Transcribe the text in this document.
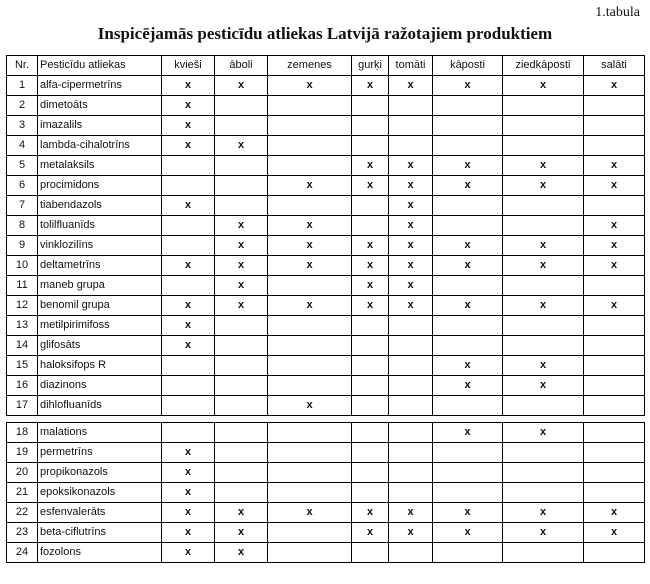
1.tabula
Inspicējamās pesticīdu atliekas Latvijā ražotajiem produktiem
Nr.	Pesticīdu atliekas	kvieši	āboli	zemenes	gurķi	tomāti	kāposti	ziedkāposti	salāti
1	alfa-cipermetrīns	x	x	x	x	x	x	x	x
2	dimetoāts	x							
3	imazalils	x							
4	lambda-cihalotrīns	x	x						
5	metalaksils				x	x	x	x	x
6	procimidons			x	x	x	x	x	x
7	tiabendazols	x				x			
8	tolilfluanīds		x	x		x			x
9	vinklozilīns		x	x	x	x	x	x	x
10	deltametrīns	x	x	x	x	x	x	x	x
11	maneb grupa		x		x	x			
12	benomil grupa	x	x	x	x	x	x	x	x
13	metilpirimifoss	x							
14	glifosāts	x							
15	haloksifops R						x	x	
16	diazinons						x	x	
17	dihlofluanīds			x					

18	malations						x	x	
19	permetrīns	x							
20	propikonazols	x							
21	epoksikonazols	x							
22	esfenvalerāts	x	x	x	x	x	x	x	x
23	beta-ciflutrīns	x	x		x	x	x	x	x
24	fozolons	x	x						
